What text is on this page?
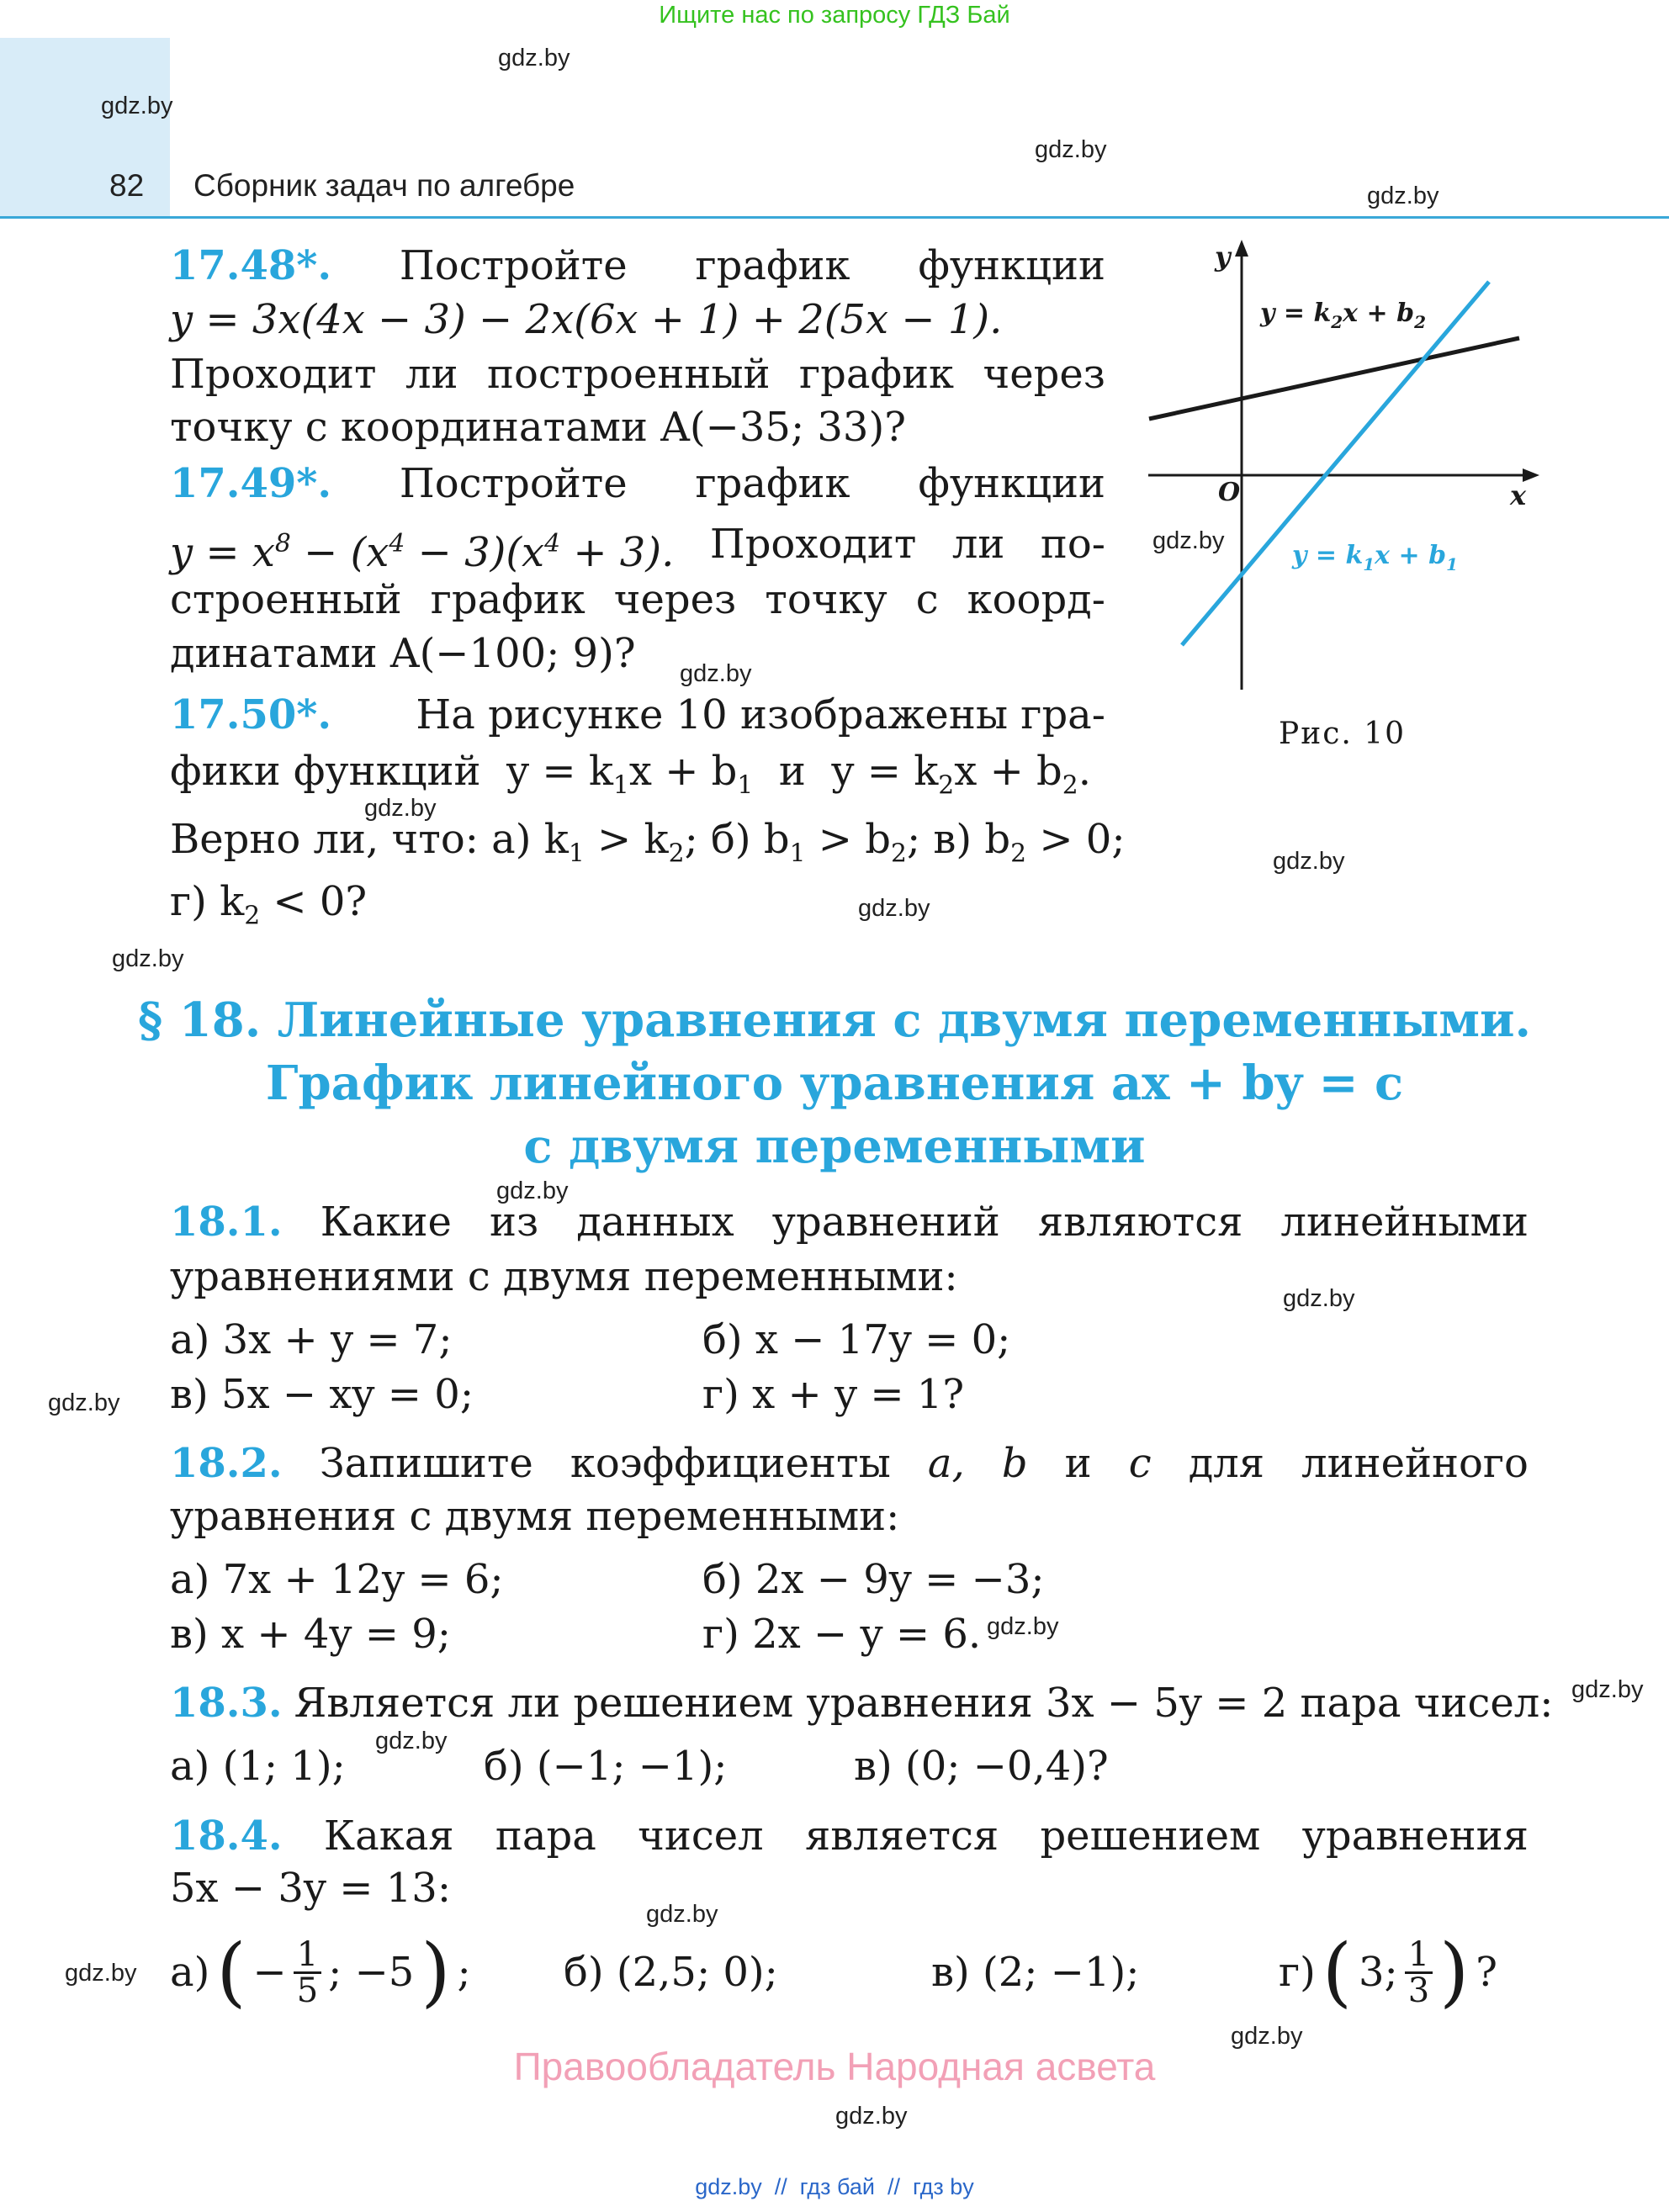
Ищите нас по запросу ГДЗ Бай
82 Сборник задач по алгебре
gdz.by
gdz.by
gdz.by
gdz.by
gdz.by
gdz.by
gdz.by
gdz.by
gdz.by
gdz.by
gdz.by
gdz.by
gdz.by
gdz.by
gdz.by
gdz.by
gdz.by
gdz.by
gdz.by
gdz.by
17.48*. Постройте график функции
y = 3x(4x − 3) − 2x(6x + 1) + 2(5x − 1).
Проходит ли построенный график через
точку с координатами A(−35; 33)?
17.49*. Постройте график функции
$y = x^8 - (x^4 - 3)(x^4 + 3)$. Проходит ли по-
строенный график через точку с коорд-
динатами A(−100; 9)?
17.50*. На рисунке 10 изображены гра-
фики функций  $y = k_1x + b_1$  и  $y = k_2x + b_2$.
Верно ли, что: а) $k_1 > k_2$; б) $b_1 > b_2$; в) $b_2 > 0$;
г) $k_2 < 0$?
y
x
O
$y = k_2x + b_2$
$y = k_1x + b_1$
Рис. 10
§ 18. Линейные уравнения с двумя переменными.
График линейного уравнения ax + by = c
с двумя переменными
18.1. Какие из данных уравнений являются линейными
уравнениями с двумя переменными:
а) 3x + y = 7;	б) x − 17y = 0;
в) 5x − xy = 0;	г) x + y = 1?
18.2. Запишите коэффициенты a, b и c для линейного
уравнения с двумя переменными:
а) 7x + 12y = 6;	б) 2x − 9y = −3;
в) x + 4y = 9;	г) 2x − y = 6.
18.3. Является ли решением уравнения 3x − 5y = 2 пара чисел:
а) (1; 1);	б) (−1; −1);	в) (0; −0,4)?
18.4. Какая пара чисел является решением уравнения
5x − 3y = 13:
а) ( − $\frac{1}{5}$ ; −5 ) ; б) (2,5; 0);	в) (2; −1);	г) ( 3; $\frac{1}{3}$ ) ?
Правообладатель Народная асвета
gdz.by  //  гдз бай  //  гдз by
